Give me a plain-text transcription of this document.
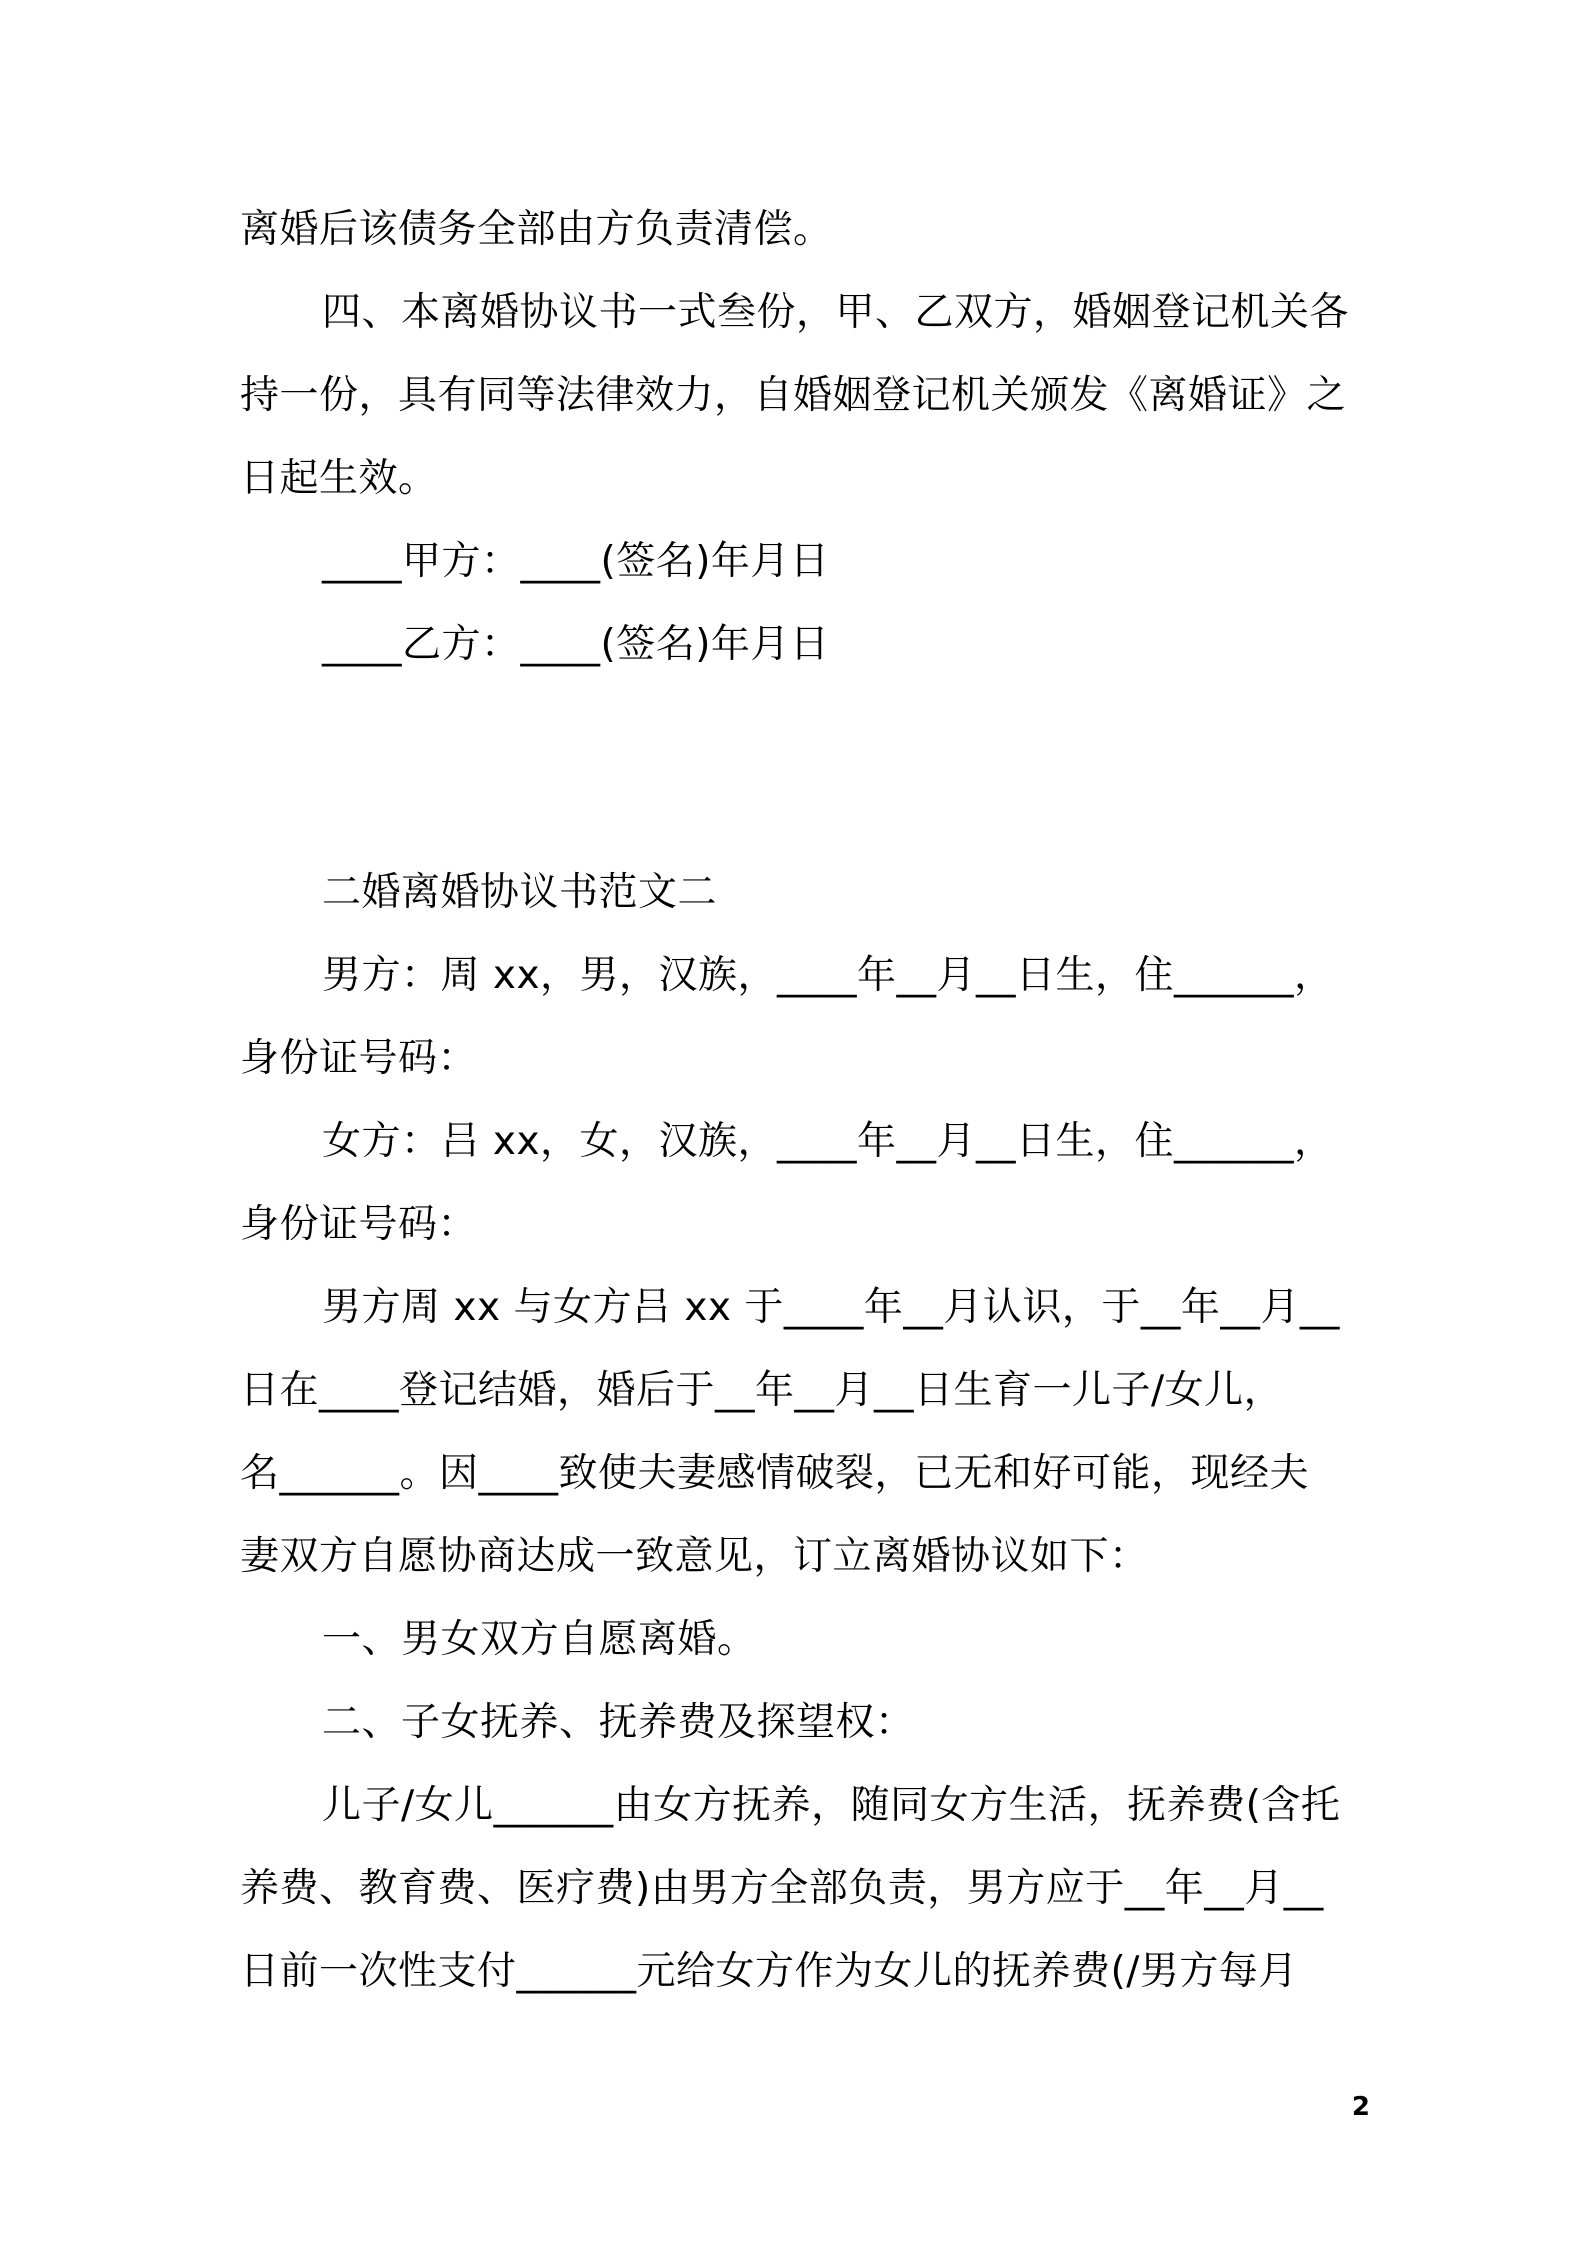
离婚后该债务全部由方负责清偿。
四、本离婚协议书一式叁份，甲、乙双方，婚姻登记机关各
持一份，具有同等法律效力，自婚姻登记机关颁发《离婚证》之
日起生效。
____甲方：____(签名)年月日
____乙方：____(签名)年月日
二婚离婚协议书范文二
男方：周 xx，男，汉族，____年__月__日生，住______，
身份证号码：
女方：吕 xx，女，汉族，____年__月__日生，住______，
身份证号码：
男方周 xx 与女方吕 xx 于____年__月认识，于__年__月__
日在____登记结婚，婚后于__年__月__日生育一儿子/女儿，
名______。因____致使夫妻感情破裂，已无和好可能，现经夫
妻双方自愿协商达成一致意见，订立离婚协议如下：
一、男女双方自愿离婚。
二、子女抚养、抚养费及探望权：
儿子/女儿______由女方抚养，随同女方生活，抚养费(含托
养费、教育费、医疗费)由男方全部负责，男方应于__年__月__
日前一次性支付______元给女方作为女儿的抚养费(/男方每月
2
